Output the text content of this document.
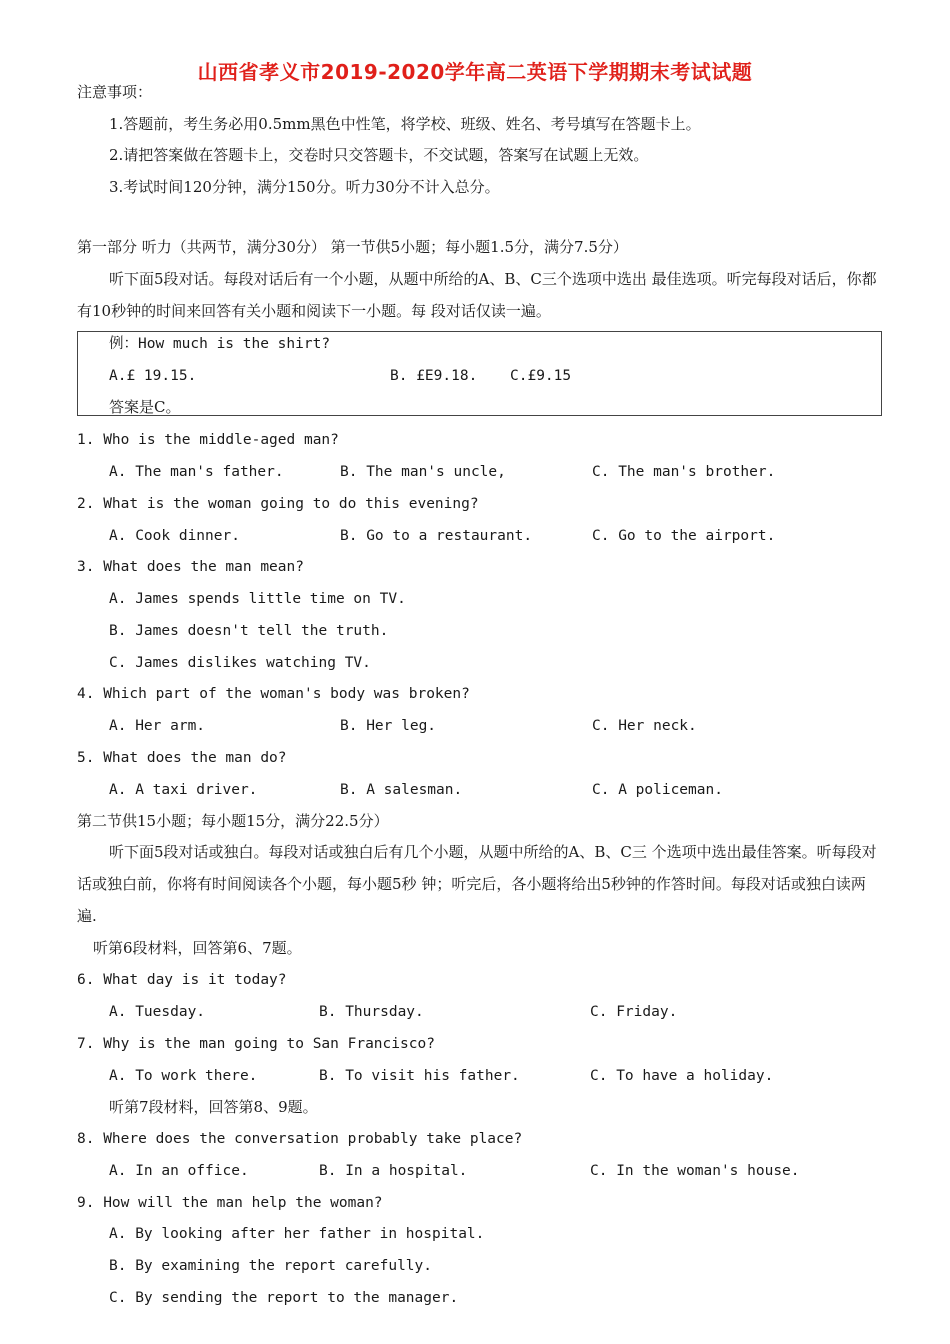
山西省孝义市2019-2020学年高二英语下学期期末考试试题
注意事项：
1.答题前，考生务必用0.5mm黑色中性笔，将学校、班级、姓名、考号填写在答题卡上。
2.请把答案做在答题卡上，交卷时只交答题卡，不交试题，答案写在试题上无效。
3.考试时间120分钟，满分150分。听力30分不计入总分。
第一部分 听力（共两节，满分30分） 第一节供5小题；每小题1.5分，满分7.5分）
听下面5段对话。每段对话后有一个小题，从题中所给的A、B、C三个选项中选出 最佳选项。听完每段对话后，你都有10秒钟的时间来回答有关小题和阅读下一小题。每 段对话仅读一遍。
例：How much is the shirt?
A.£ 19.15.	B. £E9.18. C.£9.15
答案是C。
1. Who is the middle-aged man?
A. The man's father.	B. The man's uncle,	C. The man's brother.
2. What is the woman going to do this evening?
A. Cook dinner.	B. Go to a restaurant.	C. Go to the airport.
3. What does the man mean?
A. James spends little time on TV.
B. James doesn't tell the truth.
C. James dislikes watching TV.
4. Which part of the woman's body was broken?
A. Her arm.	B. Her leg.	C. Her neck.
5. What does the man do?
A. A taxi driver.	B. A salesman.	C. A policeman.
第二节供15小题；每小题15分，满分22.5分）
听下面5段对话或独白。每段对话或独白后有几个小题，从题中所给的A、B、C三 个选项中选出最佳答案。听每段对话或独白前，你将有时间阅读各个小题，每小题5秒 钟；听完后，各小题将给出5秒钟的作答时间。每段对话或独白读两遍.
听第6段材料，回答第6、7题。
6. What day is it today?
A. Tuesday.	B. Thursday.	C. Friday.
7. Why is the man going to San Francisco?
A. To work there.	B. To visit his father.	C. To have a holiday.
听第7段材料，回答第8、9题。
8. Where does the conversation probably take place?
A. In an office.	B. In a hospital.	C. In the woman's house.
9. How will the man help the woman?
A. By looking after her father in hospital.
B. By examining the report carefully.
C. By sending the report to the manager.
